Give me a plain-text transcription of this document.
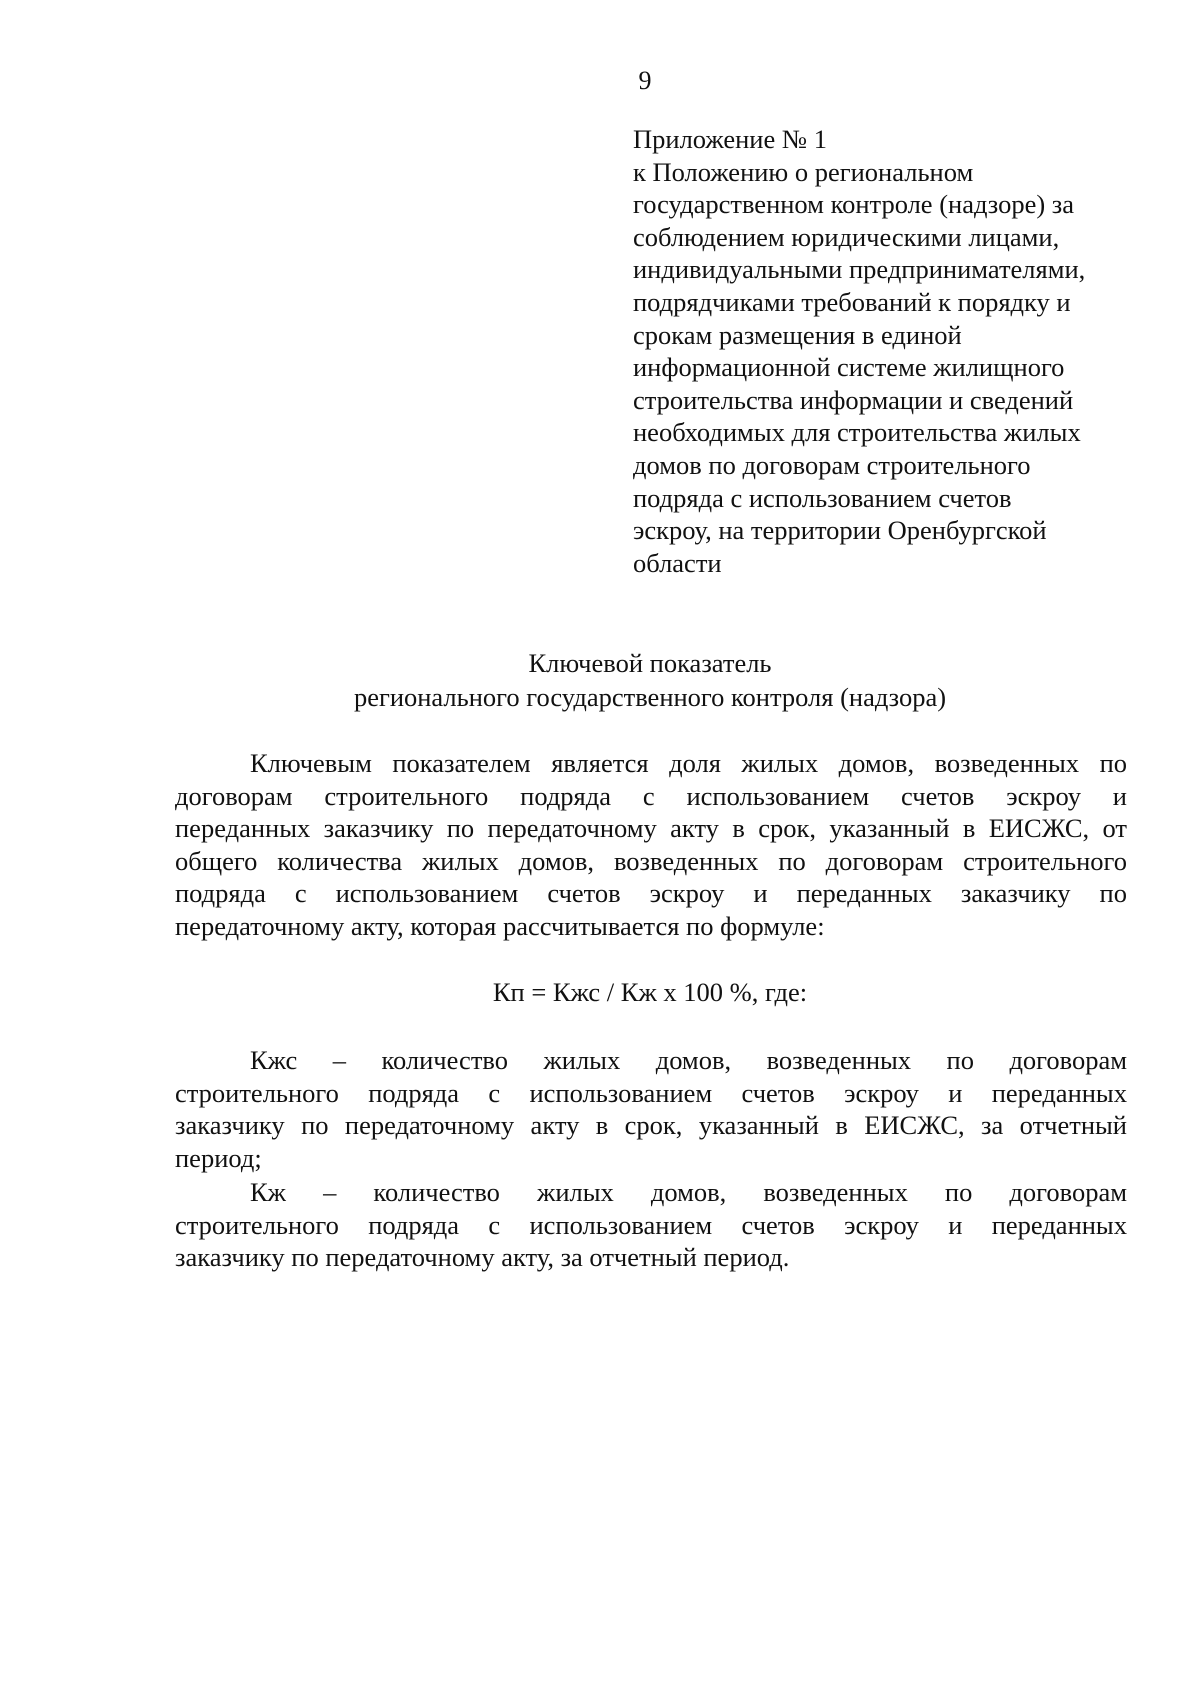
9
Приложение № 1
к Положению о региональном
государственном контроле (надзоре) за
соблюдением юридическими лицами,
индивидуальными предпринимателями,
подрядчиками требований к порядку и
срокам размещения в единой
информационной системе жилищного
строительства информации и сведений
необходимых для строительства жилых
домов по договорам строительного
подряда с использованием счетов
эскроу, на территории Оренбургской
области
Ключевой показатель
регионального государственного контроля (надзора)
Ключевым показателем является доля жилых домов, возведенных по
договорам строительного подряда с использованием счетов эскроу и
переданных заказчику по передаточному акту в срок, указанный в ЕИСЖС, от
общего количества жилых домов, возведенных по договорам строительного
подряда с использованием счетов эскроу и переданных заказчику по
передаточному акту, которая рассчитывается по формуле:
Кп = Кжс / Кж х 100 %, где:
Кжс – количество жилых домов, возведенных по договорам
строительного подряда с использованием счетов эскроу и переданных
заказчику по передаточному акту в срок, указанный в ЕИСЖС, за отчетный
период;
Кж – количество жилых домов, возведенных по договорам
строительного подряда с использованием счетов эскроу и переданных
заказчику по передаточному акту, за отчетный период.
